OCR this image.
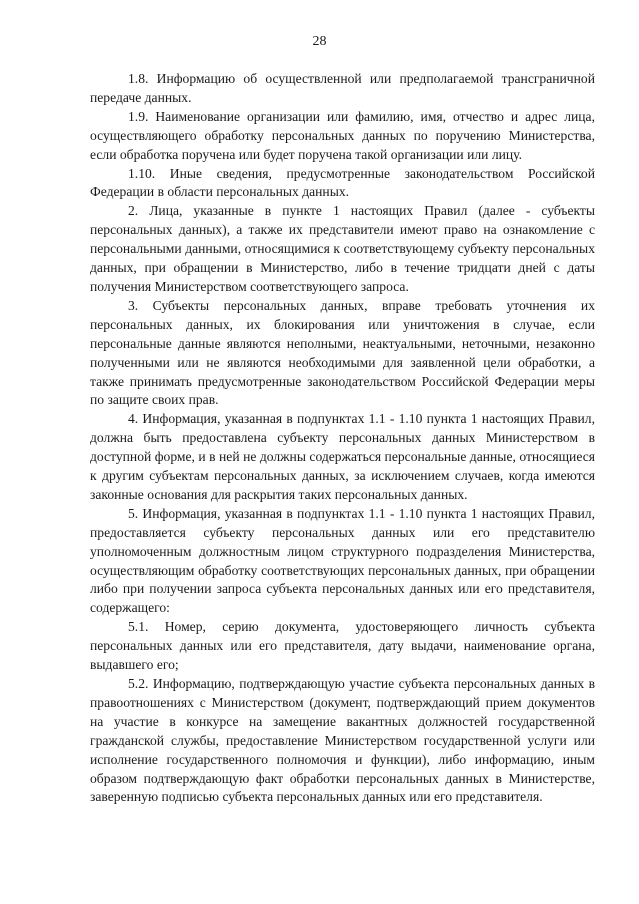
28

1.8. Информацию об осуществленной или предполагаемой трансграничной передаче данных.

1.9. Наименование организации или фамилию, имя, отчество и адрес лица, осуществляющего обработку персональных данных по поручению Министерства, если обработка поручена или будет поручена такой организации или лицу.

1.10. Иные сведения, предусмотренные законодательством Российской Федерации в области персональных данных.

2. Лица, указанные в пункте 1 настоящих Правил (далее - субъекты персональных данных), а также их представители имеют право на ознакомление с персональными данными, относящимися к соответствующему субъекту персональных данных, при обращении в Министерство, либо в течение тридцати дней с даты получения Министерством соответствующего запроса.

3. Субъекты персональных данных, вправе требовать уточнения их персональных данных, их блокирования или уничтожения в случае, если персональные данные являются неполными, неактуальными, неточными, незаконно полученными или не являются необходимыми для заявленной цели обработки, а также принимать предусмотренные законодательством Российской Федерации меры по защите своих прав.

4. Информация, указанная в подпунктах 1.1 - 1.10 пункта 1 настоящих Правил, должна быть предоставлена субъекту персональных данных Министерством в доступной форме, и в ней не должны содержаться персональные данные, относящиеся к другим субъектам персональных данных, за исключением случаев, когда имеются законные основания для раскрытия таких персональных данных.

5. Информация, указанная в подпунктах 1.1 - 1.10 пункта 1 настоящих Правил, предоставляется субъекту персональных данных или его представителю уполномоченным должностным лицом структурного подразделения Министерства, осуществляющим обработку соответствующих персональных данных, при обращении либо при получении запроса субъекта персональных данных или его представителя, содержащего:

5.1. Номер, серию документа, удостоверяющего личность субъекта персональных данных или его представителя, дату выдачи, наименование органа, выдавшего его;

5.2. Информацию, подтверждающую участие субъекта персональных данных в правоотношениях с Министерством (документ, подтверждающий прием документов на участие в конкурсе на замещение вакантных должностей государственной гражданской службы, предоставление Министерством государственной услуги или исполнение государственного полномочия и функции), либо информацию, иным образом подтверждающую факт обработки персональных данных в Министерстве, заверенную подписью субъекта персональных данных или его представителя.
